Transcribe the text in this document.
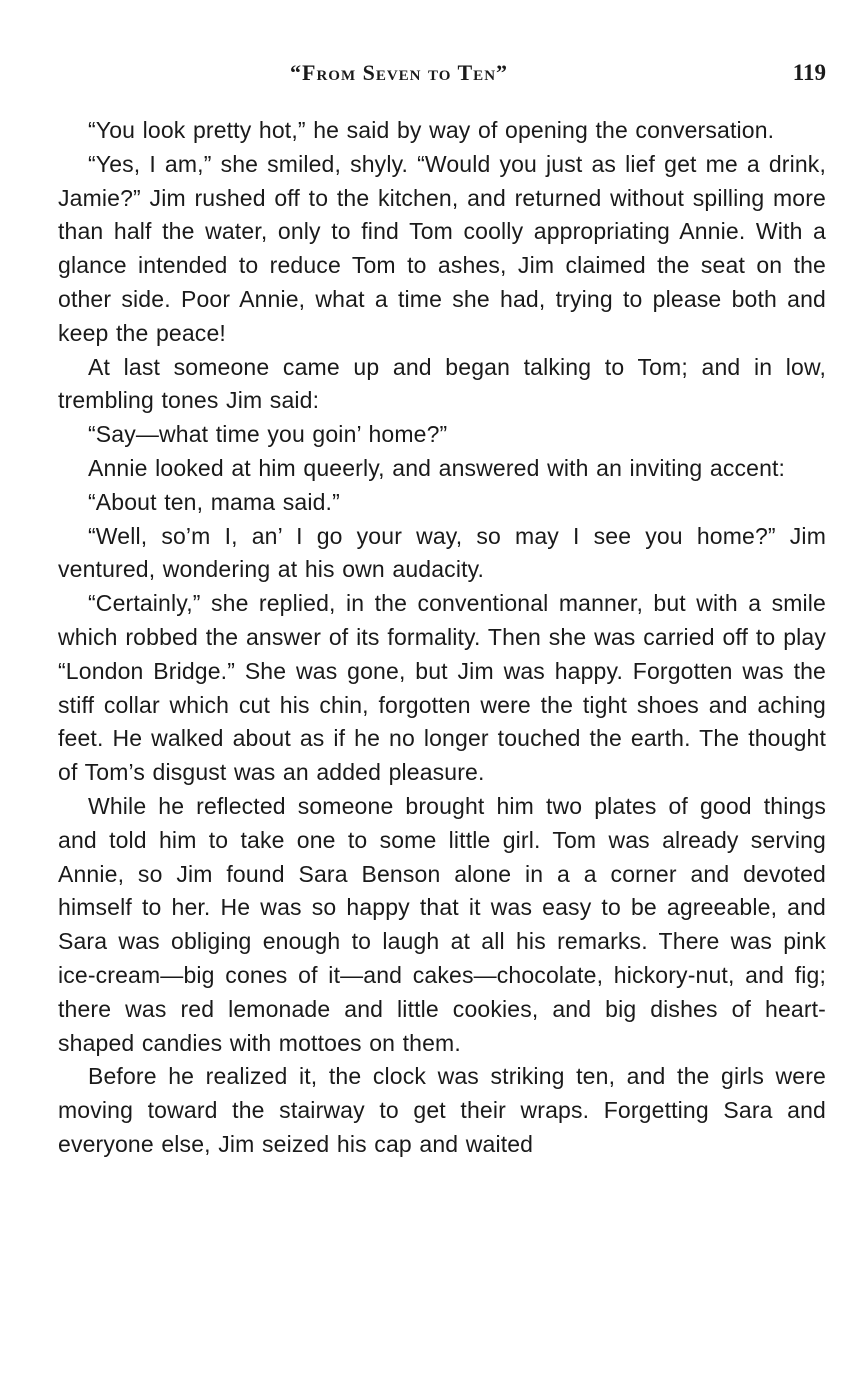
“From Seven to Ten”	119

“You look pretty hot,” he said by way of opening the conversation.

“Yes, I am,” she smiled, shyly. “Would you just as lief get me a drink, Jamie?” Jim rushed off to the kitchen, and returned without spilling more than half the water, only to find Tom coolly appropriating Annie. With a glance intended to reduce Tom to ashes, Jim claimed the seat on the other side. Poor Annie, what a time she had, trying to please both and keep the peace!

At last someone came up and began talking to Tom; and in low, trembling tones Jim said:

“Say—what time you goin’ home?”

Annie looked at him queerly, and answered with an inviting accent:

“About ten, mama said.”

“Well, so’m I, an’ I go your way, so may I see you home?” Jim ventured, wondering at his own audacity.

“Certainly,” she replied, in the conventional manner, but with a smile which robbed the answer of its formality. Then she was carried off to play “London Bridge.” She was gone, but Jim was happy. Forgotten was the stiff collar which cut his chin, forgotten were the tight shoes and aching feet. He walked about as if he no longer touched the earth. The thought of Tom’s disgust was an added pleasure.

While he reflected someone brought him two plates of good things and told him to take one to some little girl. Tom was already serving Annie, so Jim found Sara Benson alone in a a corner and devoted himself to her. He was so happy that it was easy to be agreeable, and Sara was obliging enough to laugh at all his remarks. There was pink ice-cream—big cones of it—and cakes—chocolate, hickory-nut, and fig; there was red lemonade and little cookies, and big dishes of heart-shaped candies with mottoes on them.

Before he realized it, the clock was striking ten, and the girls were moving toward the stairway to get their wraps. Forgetting Sara and everyone else, Jim seized his cap and waited
